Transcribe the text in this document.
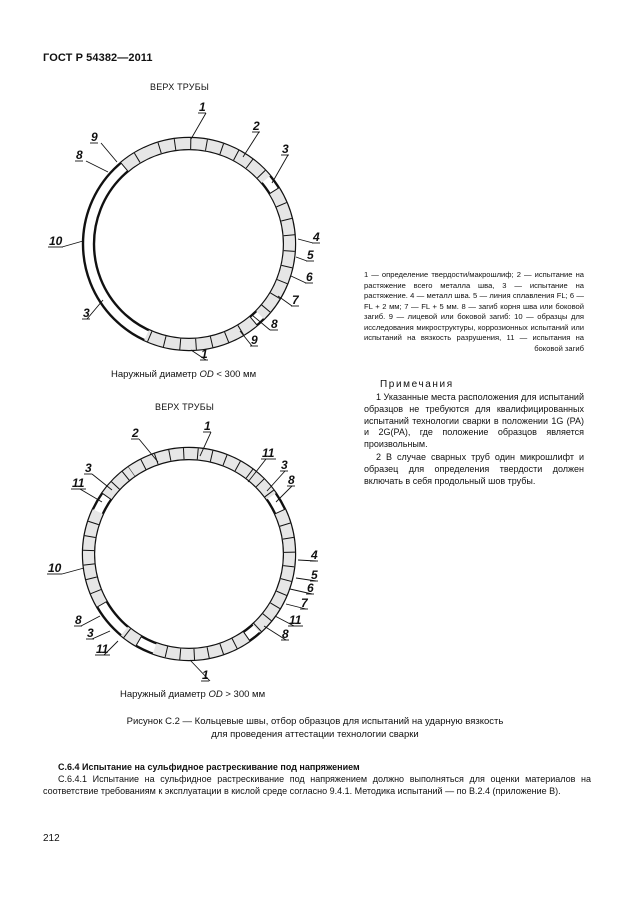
ГОСТ Р 54382—2011
ВЕРХ ТРУБЫ
1
2
3
4
5
6
7
8
9
1
3
10
8
9
1
2
11
3
8
4
5
6
7
11
8
1
11
3
8
10
11
3
Наружный диаметр OD < 300 мм
1 — определение твердости/макрошлиф; 2 — испытание на растяжение всего металла шва, 3 — испытание на растяжение. 4 — металл шва. 5 — линия сплавления FL; 6 — FL + 2 мм; 7 — FL + 5 мм. 8 — загиб корня шва или боковой загиб. 9 — лицевой или боковой загиб: 10 — образцы для исследования микроструктуры, коррозионных испытаний или испытаний на вязкость разрушения, 11 — испытания на боковой загиб
Примечания
1 Указанные места расположения для испытаний образцов не требуются для квалифицированных испытаний технологии сварки в положении 1G (PA) и 2G(PA), где положение образцов является произвольным.
2 В случае сварных труб один микрошлифт и образец для определения твердости должен включать в себя продольный шов трубы.
ВЕРХ ТРУБЫ
Наружный диаметр OD > 300 мм
Рисунок С.2 — Кольцевые швы, отбор образцов для испытаний на ударную вязкость
для проведения аттестации технологии сварки
С.6.4 Испытание на сульфидное растрескивание под напряжением
С.6.4.1 Испытание на сульфидное растрескивание под напряжением должно выполняться для оценки материалов на соответствие требованиям к эксплуатации в кислой среде согласно 9.4.1. Методика испытаний — по В.2.4 (приложение В).
212
